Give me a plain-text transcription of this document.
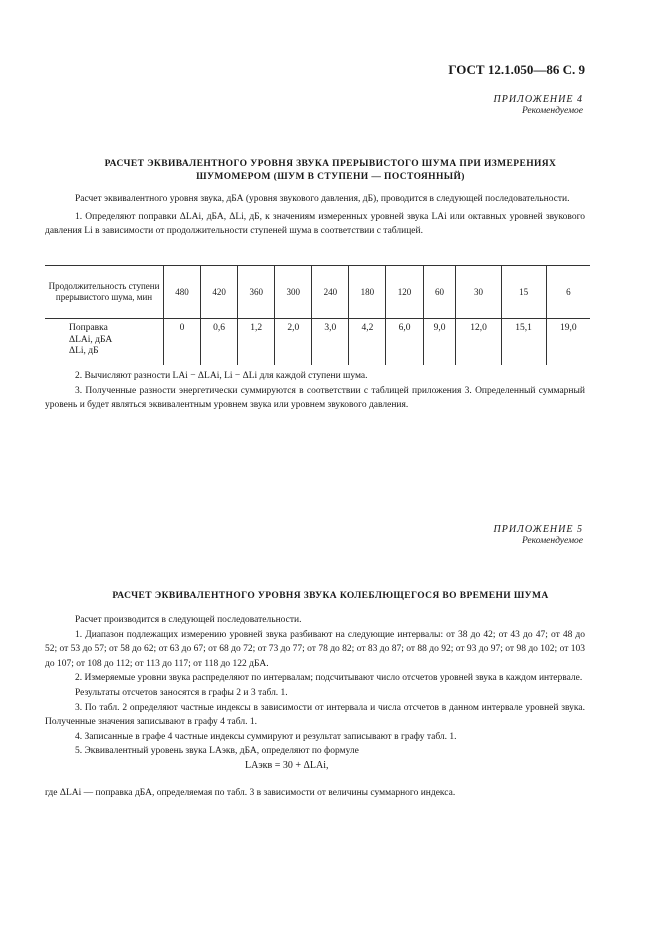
ГОСТ 12.1.050—86 С. 9
ПРИЛОЖЕНИЕ 4
Рекомендуемое
РАСЧЕТ ЭКВИВАЛЕНТНОГО УРОВНЯ ЗВУКА ПРЕРЫВИСТОГО ШУМА ПРИ ИЗМЕРЕНИЯХ
ШУМОМЕРОМ (ШУМ В СТУПЕНИ — ПОСТОЯННЫЙ)

Расчет эквивалентного уровня звука, дБА (уровня звукового давления, дБ), проводится в следующей последовательности.

1. Определяют поправки ΔLAi, дБА, ΔLi, дБ, к значениям измеренных уровней звука LAi или октавных уровней звукового давления Li в зависимости от продолжительности ступеней шума в соответствии с таблицей.

Продолжительность ступени прерывистого шума, мин	480	420	360	300	240	180	120	60	30	15	6

Поправка
ΔLAi, дБА
ΔLi, дБ	0	0,6	1,2	2,0	3,0	4,2	6,0	9,0	12,0	15,1	19,0

2. Вычисляют разности LAi − ΔLAi, Li − ΔLi для каждой ступени шума.

3. Полученные разности энергетически суммируются в соответствии с таблицей приложения 3. Определенный суммарный уровень и будет являться эквивалентным уровнем звука или уровнем звукового давления.

ПРИЛОЖЕНИЕ 5
Рекомендуемое
РАСЧЕТ ЭКВИВАЛЕНТНОГО УРОВНЯ ЗВУКА КОЛЕБЛЮЩЕГОСЯ ВО ВРЕМЕНИ ШУМА

Расчет производится в следующей последовательности.

1. Диапазон подлежащих измерению уровней звука разбивают на следующие интервалы: от 38 до 42; от 43 до 47; от 48 до 52; от 53 до 57; от 58 до 62; от 63 до 67; от 68 до 72; от 73 до 77; от 78 до 82; от 83 до 87; от 88 до 92; от 93 до 97; от 98 до 102; от 103 до 107; от 108 до 112; от 113 до 117; от 118 до 122 дБА.

2. Измеряемые уровни звука распределяют по интервалам; подсчитывают число отсчетов уровней звука в каждом интервале.

Результаты отсчетов заносятся в графы 2 и 3 табл. 1.

3. По табл. 2 определяют частные индексы в зависимости от интервала и числа отсчетов в данном интервале уровней звука. Полученные значения записывают в графу 4 табл. 1.

4. Записанные в графе 4 частные индексы суммируют и результат записывают в графу табл. 1.

5. Эквивалентный уровень звука LAэкв, дБА, определяют по формуле

LAэкв = 30 + ΔLAi,

где ΔLAi — поправка дБА, определяемая по табл. 3 в зависимости от величины суммарного индекса.
